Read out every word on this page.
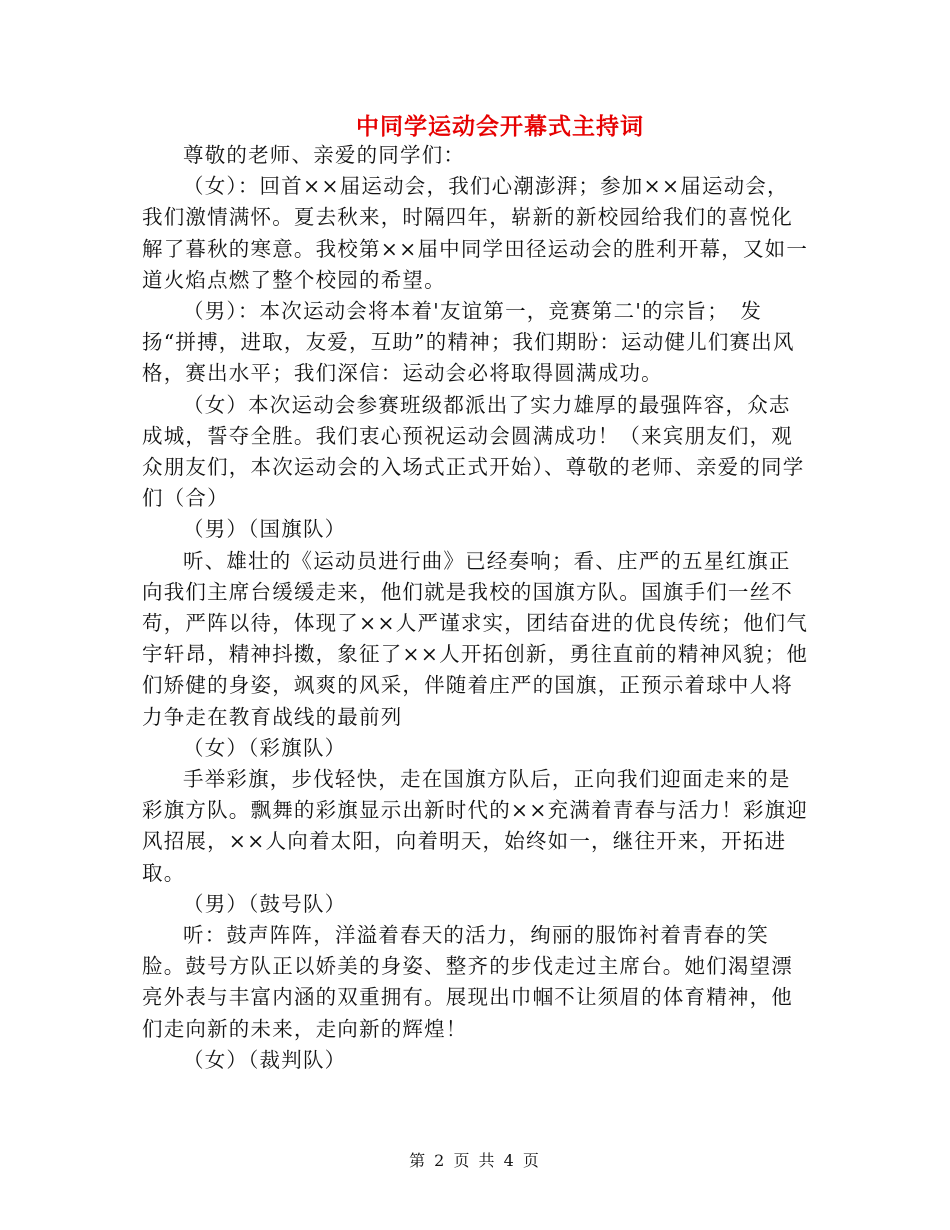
中同学运动会开幕式主持词

尊敬的老师、亲爱的同学们：

（女）：回首××届运动会，我们心潮澎湃；参加××届运动会，我们激情满怀。夏去秋来，时隔四年，崭新的新校园给我们的喜悦化解了暮秋的寒意。我校第××届中同学田径运动会的胜利开幕，又如一道火焰点燃了整个校园的希望。

（男）：本次运动会将本着'友谊第一，竞赛第二'的宗旨；　发扬“拼搏，进取，友爱，互助”的精神；我们期盼：运动健儿们赛出风格，赛出水平；我们深信：运动会必将取得圆满成功。

（女）本次运动会参赛班级都派出了实力雄厚的最强阵容，众志成城，誓夺全胜。我们衷心预祝运动会圆满成功！（来宾朋友们，观众朋友们，本次运动会的入场式正式开始）、尊敬的老师、亲爱的同学们（合）

（男）（国旗队）

听、雄壮的《运动员进行曲》已经奏响；看、庄严的五星红旗正向我们主席台缓缓走来，他们就是我校的国旗方队。国旗手们一丝不苟，严阵以待，体现了××人严谨求实，团结奋进的优良传统；他们气宇轩昂，精神抖擞，象征了××人开拓创新，勇往直前的精神风貌；他们矫健的身姿，飒爽的风采，伴随着庄严的国旗，正预示着球中人将力争走在教育战线的最前列

（女）（彩旗队）

手举彩旗，步伐轻快，走在国旗方队后，正向我们迎面走来的是彩旗方队。飘舞的彩旗显示出新时代的××充满着青春与活力！彩旗迎风招展，××人向着太阳，向着明天，始终如一，继往开来，开拓进取。

（男）（鼓号队）

听：鼓声阵阵，洋溢着春天的活力，绚丽的服饰衬着青春的笑脸。鼓号方队正以娇美的身姿、整齐的步伐走过主席台。她们渴望漂亮外表与丰富内涵的双重拥有。展现出巾帼不让须眉的体育精神，他们走向新的未来，走向新的辉煌！

（女）（裁判队）

第 2 页 共 4 页
